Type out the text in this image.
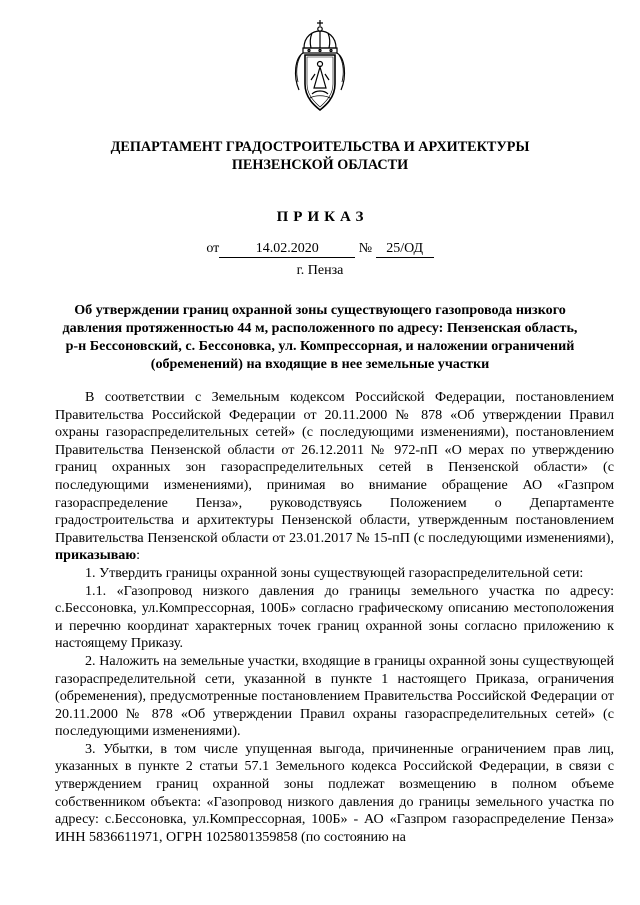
ДЕПАРТАМЕНТ ГРАДОСТРОИТЕЛЬСТВА И АРХИТЕКТУРЫ
ПЕНЗЕНСКОЙ ОБЛАСТИ
ПРИКАЗ
от	14.02.2020	№ 25/ОД
г. Пенза
Об утверждении границ охранной зоны существующего газопровода низкого давления протяженностью 44 м, расположенного по адресу: Пензенская область, р-н Бессоновский, с. Бессоновка, ул. Компрессорная, и наложении ограничений (обременений) на входящие в нее земельные участки

В соответствии с Земельным кодексом Российской Федерации, постановлением Правительства Российской Федерации от 20.11.2000 № 878 «Об утверждении Правил охраны газораспределительных сетей» (с последующими изменениями), постановлением Правительства Пензенской области от 26.12.2011 № 972-пП «О мерах по утверждению границ охранных зон газораспределительных сетей в Пензенской области» (с последующими изменениями), принимая во внимание обращение АО «Газпром газораспределение Пенза», руководствуясь Положением о Департаменте градостроительства и архитектуры Пензенской области, утвержденным постановлением Правительства Пензенской области от 23.01.2017 № 15-пП (с последующими изменениями), приказываю:

1. Утвердить границы охранной зоны существующей газораспределительной сети:

1.1. «Газопровод низкого давления до границы земельного участка по адресу: с.Бессоновка, ул.Компрессорная, 100Б» согласно графическому описанию местоположения и перечню координат характерных точек границ охранной зоны согласно приложению к настоящему Приказу.

2. Наложить на земельные участки, входящие в границы охранной зоны существующей газораспределительной сети, указанной в пункте 1 настоящего Приказа, ограничения (обременения), предусмотренные постановлением Правительства Российской Федерации от 20.11.2000 № 878 «Об утверждении Правил охраны газораспределительных сетей» (с последующими изменениями).

3. Убытки, в том числе упущенная выгода, причиненные ограничением прав лиц, указанных в пункте 2 статьи 57.1 Земельного кодекса Российской Федерации, в связи с утверждением границ охранной зоны подлежат возмещению в полном объеме собственником объекта: «Газопровод низкого давления до границы земельного участка по адресу: с.Бессоновка, ул.Компрессорная, 100Б» - АО «Газпром газораспределение Пенза» ИНН 5836611971, ОГРН 1025801359858 (по состоянию на
